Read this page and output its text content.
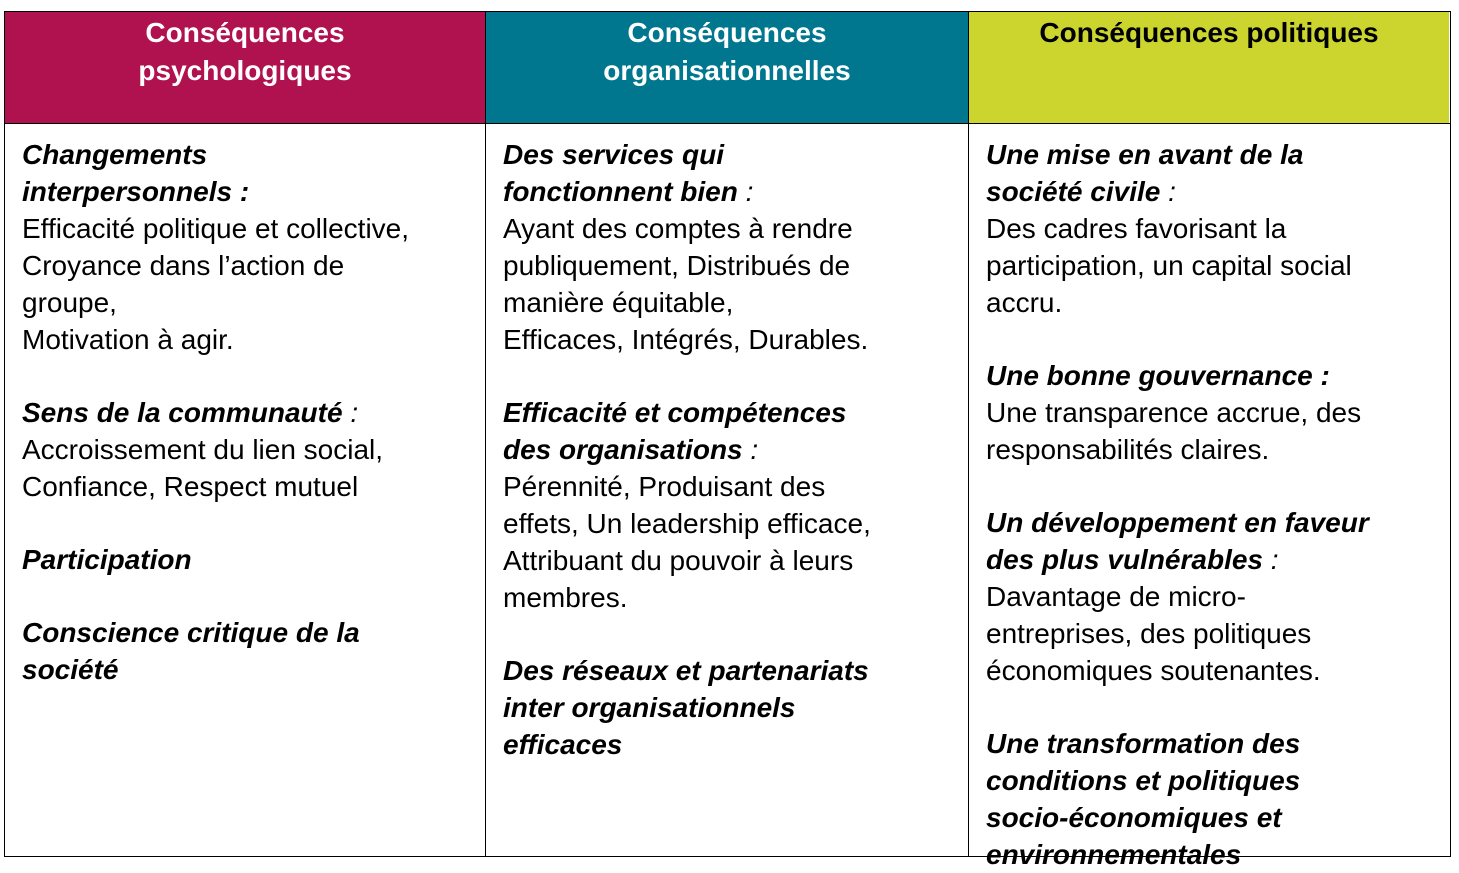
Conséquences
psychologiques
Conséquences
organisationnelles
Conséquences politiques
Changements
interpersonnels :
Efficacité politique et collective,
Croyance dans l’action de
groupe,
Motivation à agir.
Sens de la communauté :
Accroissement du lien social,
Confiance, Respect mutuel
Participation
Conscience critique de la
société
Des services qui
fonctionnent bien :
Ayant des comptes à rendre
publiquement, Distribués de
manière équitable,
Efficaces, Intégrés, Durables.
Efficacité et compétences
des organisations :
Pérennité, Produisant des
effets, Un leadership efficace,
Attribuant du pouvoir à leurs
membres.
Des réseaux et partenariats
inter organisationnels
efficaces
Une mise en avant de la
société civile :
Des cadres favorisant la
participation, un capital social
accru.
Une bonne gouvernance :
Une transparence accrue, des
responsabilités claires.
Un développement en faveur
des plus vulnérables :
Davantage de micro-
entreprises, des politiques
économiques soutenantes.
Une transformation des
conditions et politiques
socio-économiques et
environnementales
